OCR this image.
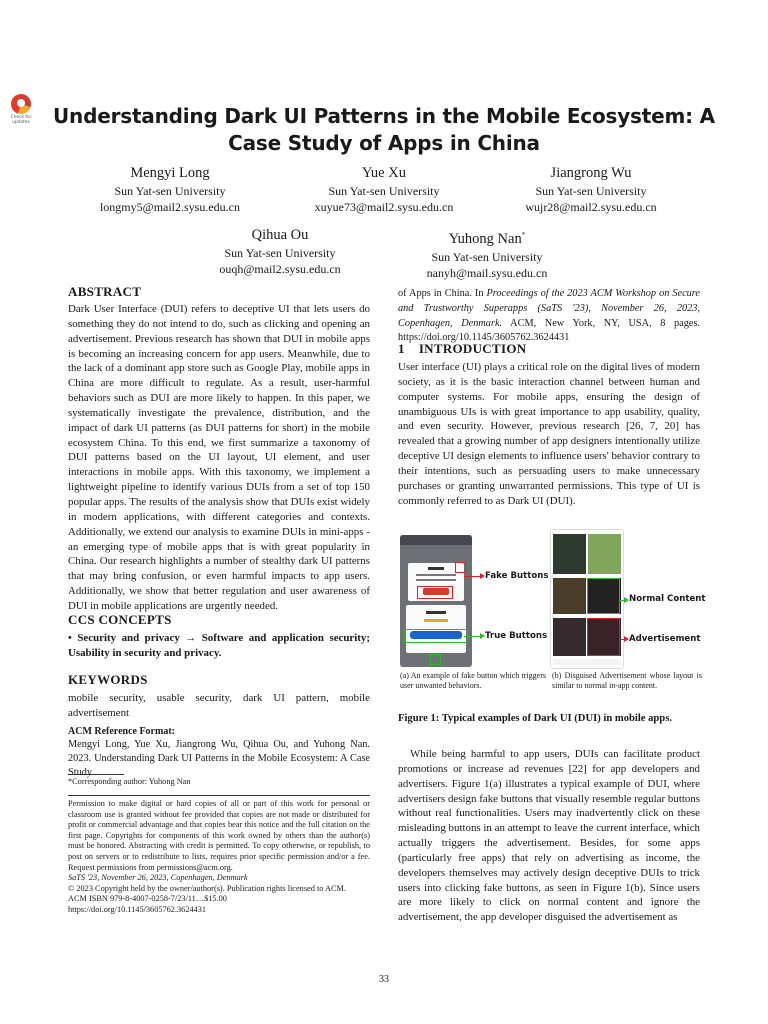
Check for updates Understanding Dark UI Patterns in the Mobile Ecosystem: A Case Study of Apps in China
Mengyi Long
Sun Yat-sen University
longmy5@mail2.sysu.edu.cn
Yue Xu
Sun Yat-sen University
xuyue73@mail2.sysu.edu.cn
Jiangrong Wu
Sun Yat-sen University
wujr28@mail2.sysu.edu.cn
Qihua Ou
Sun Yat-sen University
ouqh@mail2.sysu.edu.cn
Yuhong Nan*
Sun Yat-sen University
nanyh@mail.sysu.edu.cn
ABSTRACT
Dark User Interface (DUI) refers to deceptive UI that lets users do something they do not intend to do, such as clicking and opening an advertisement. Previous research has shown that DUI in mobile apps is becoming an increasing concern for app users. Meanwhile, due to the lack of a dominant app store such as Google Play, mobile apps in China are more difficult to regulate. As a result, user-harmful behaviors such as DUI are more likely to happen. In this paper, we systematically investigate the prevalence, distribution, and the impact of dark UI patterns (as DUI patterns for short) in the mobile ecosystem China. To this end, we first summarize a taxonomy of DUI patterns based on the UI layout, UI element, and user interactions in mobile apps. With this taxonomy, we implement a lightweight pipeline to identify various DUIs from a set of top 150 popular apps. The results of the analysis show that DUIs exist widely in modern applications, with different categories and contexts. Additionally, we extend our analysis to examine DUIs in mini-apps - an emerging type of mobile apps that is with great popularity in China. Our research highlights a number of stealthy dark UI patterns that may bring confusion, or even harmful impacts to app users. Additionally, we show that better regulation and user awareness of DUI in mobile applications are urgently needed.
CCS CONCEPTS
• Security and privacy → Software and application security; Usability in security and privacy.
KEYWORDS
mobile security, usable security, dark UI pattern, mobile advertisement
ACM Reference Format:
Mengyi Long, Yue Xu, Jiangrong Wu, Qihua Ou, and Yuhong Nan. 2023. Understanding Dark UI Patterns in the Mobile Ecosystem: A Case Study
*Corresponding author: Yuhong Nan
Permission to make digital or hard copies of all or part of this work for personal or classroom use is granted without fee provided that copies are not made or distributed for profit or commercial advantage and that copies bear this notice and the full citation on the first page. Copyrights for components of this work owned by others than the author(s) must be honored. Abstracting with credit is permitted. To copy otherwise, or republish, to post on servers or to redistribute to lists, requires prior specific permission and/or a fee. Request permissions from permissions@acm.org.
SaTS '23, November 26, 2023, Copenhagen, Denmark
© 2023 Copyright held by the owner/author(s). Publication rights licensed to ACM.
ACM ISBN 979-8-4007-0258-7/23/11…$15.00
https://doi.org/10.1145/3605762.3624431
of Apps in China. In Proceedings of the 2023 ACM Workshop on Secure and Trustworthy Superapps (SaTS '23), November 26, 2023, Copenhagen, Denmark. ACM, New York, NY, USA, 8 pages. https://doi.org/10.1145/3605762.3624431
1 INTRODUCTION
User interface (UI) plays a critical role on the digital lives of modern society, as it is the basic interaction channel between human and computer systems. For mobile apps, ensuring the design of unambiguous UIs is with great importance to app usability, quality, and even security. However, previous research [26, 7, 20] has revealed that a growing number of app designers intentionally utilize deceptive UI design elements to influence users' behavior contrary to their intentions, such as persuading users to make unnecessary purchases or granting unwarranted permissions. This type of UI is commonly referred to as Dark UI (DUI).
Fake Buttons
True Buttons
Normal Content
Advertisement
(a) An example of fake button which triggers user unwanted behaviors.
(b) Disguised Advertisement whose layout is similar to normal in-app content.
Figure 1: Typical examples of Dark UI (DUI) in mobile apps.
While being harmful to app users, DUIs can facilitate product promotions or increase ad revenues [22] for app developers and advertisers. Figure 1(a) illustrates a typical example of DUI, where advertisers design fake buttons that visually resemble regular buttons without real functionalities. Users may inadvertently click on these misleading buttons in an attempt to leave the current interface, which actually triggers the advertisement. Besides, for some apps (particularly free apps) that rely on advertising as income, the developers themselves may actively design deceptive DUIs to trick users into clicking fake buttons, as seen in Figure 1(b). Since users are more likely to click on normal content and ignore the advertisement, the app developer disguised the advertisement as
33
